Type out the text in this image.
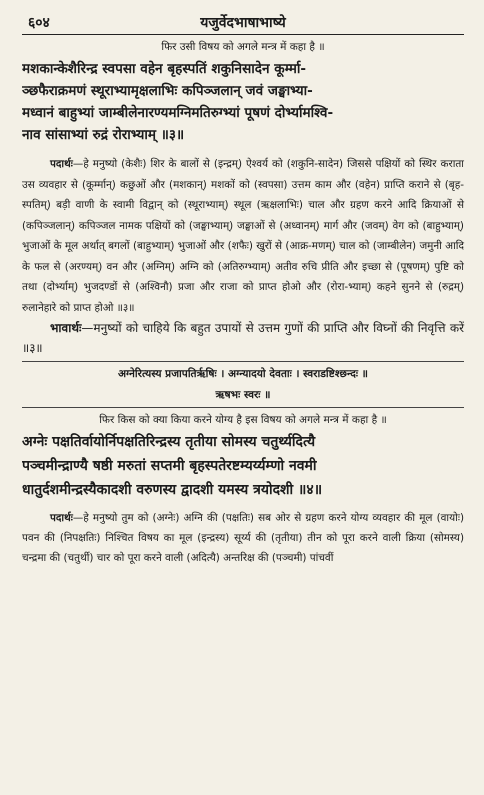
६०४	यजुर्वेदभाषाभाष्ये
फिर उसी विषय को अगले मन्त्र में कहा है ॥
मशकान्केशैरिन्द्र स्वपसा वहेन बृहस्पतिं शकुनिसादेन कूर्म्मा-
ञ्छफैराक्रमणं स्थूराभ्यामृक्षलाभिः कपिञ्जलान् जवं जङ्घाभ्या-
मध्वानं बाहुभ्यां जाम्बीलेनारण्यमग्निमतिरुग्भ्यां पूषणं दोर्भ्यामश्वि-
नाव सांसाभ्यां रुद्रं रोराभ्याम् ॥३॥
पदार्थः—हे मनुष्यो (केशैः) शिर के बालों से (इन्द्रम्) ऐश्वर्य को (शकुनि-सादेन) जिससे पक्षियों को स्थिर कराता उस व्यवहार से (कूर्म्मान्) कछुओं और (मशकान्) मशकों को (स्वपसा) उत्तम काम और (वहेन) प्राप्ति कराने से (बृह-स्पतिम्) बड़ी वाणी के स्वामी विद्वान् को (स्थूराभ्याम्) स्थूल (ऋक्षलाभिः) चाल और ग्रहण करने आदि क्रियाओं से (कपिञ्जलान्) कपिञ्जल नामक पक्षियों को (जङ्घाभ्याम्) जङ्घाओं से (अध्वानम्) मार्ग और (जवम्) वेग को (बाहुभ्याम्) भुजाओं के मूल अर्थात् बगलों (बाहुभ्याम्) भुजाओं और (शफैः) खुरों से (आक्र-मणम्) चाल को (जाम्बीलेन) जमुनी आदि के फल से (अरण्यम्) वन और (अग्निम्) अग्नि को (अतिरुग्भ्याम्) अतीव रुचि प्रीति और इच्छा से (पूषणम्) पुष्टि को तथा (दोर्भ्याम्) भुजदण्डों से (अश्विनौ) प्रजा और राजा को प्राप्त होओ और (रोरा-भ्याम्) कहने सुनने से (रुद्रम्) रुलानेहारे को प्राप्त होओ ॥३॥
भावार्थः—मनुष्यों को चाहिये कि बहुत उपायों से उत्तम गुणों की प्राप्ति और विघ्नों की निवृत्ति करें ॥३॥
अग्नेरित्यस्य प्रजापतिर्ऋषिः । अग्न्यादयो देवताः । स्वराडष्टिश्छन्दः ॥
ऋषभः स्वरः ॥
फिर किस को क्या किया करने योग्य है इस विषय को अगले मन्त्र में कहा है ॥
अग्नेः पक्षतिर्वायोर्निपक्षतिरिन्द्रस्य तृतीया सोमस्य चतुर्थ्यदित्यै
पञ्चमीन्द्राण्यै षष्ठी मरुतां सप्तमी बृहस्पतेरष्टम्यर्य्यम्णो नवमी
धातुर्दशमीन्द्रस्यैकादशी वरुणस्य द्वादशी यमस्य त्रयोदशी ॥४॥
पदार्थः—हे मनुष्यो तुम को (अग्नेः) अग्नि की (पक्षतिः) सब ओर से ग्रहण करने योग्य व्यवहार की मूल (वायोः) पवन की (निपक्षतिः) निश्चित विषय का मूल (इन्द्रस्य) सूर्य्य की (तृतीया) तीन को पूरा करने वाली क्रिया (सोमस्य) चन्द्रमा की (चतुर्थी) चार को पूरा करने वाली (अदित्यै) अन्तरिक्ष की (पञ्चमी) पांचवीं
